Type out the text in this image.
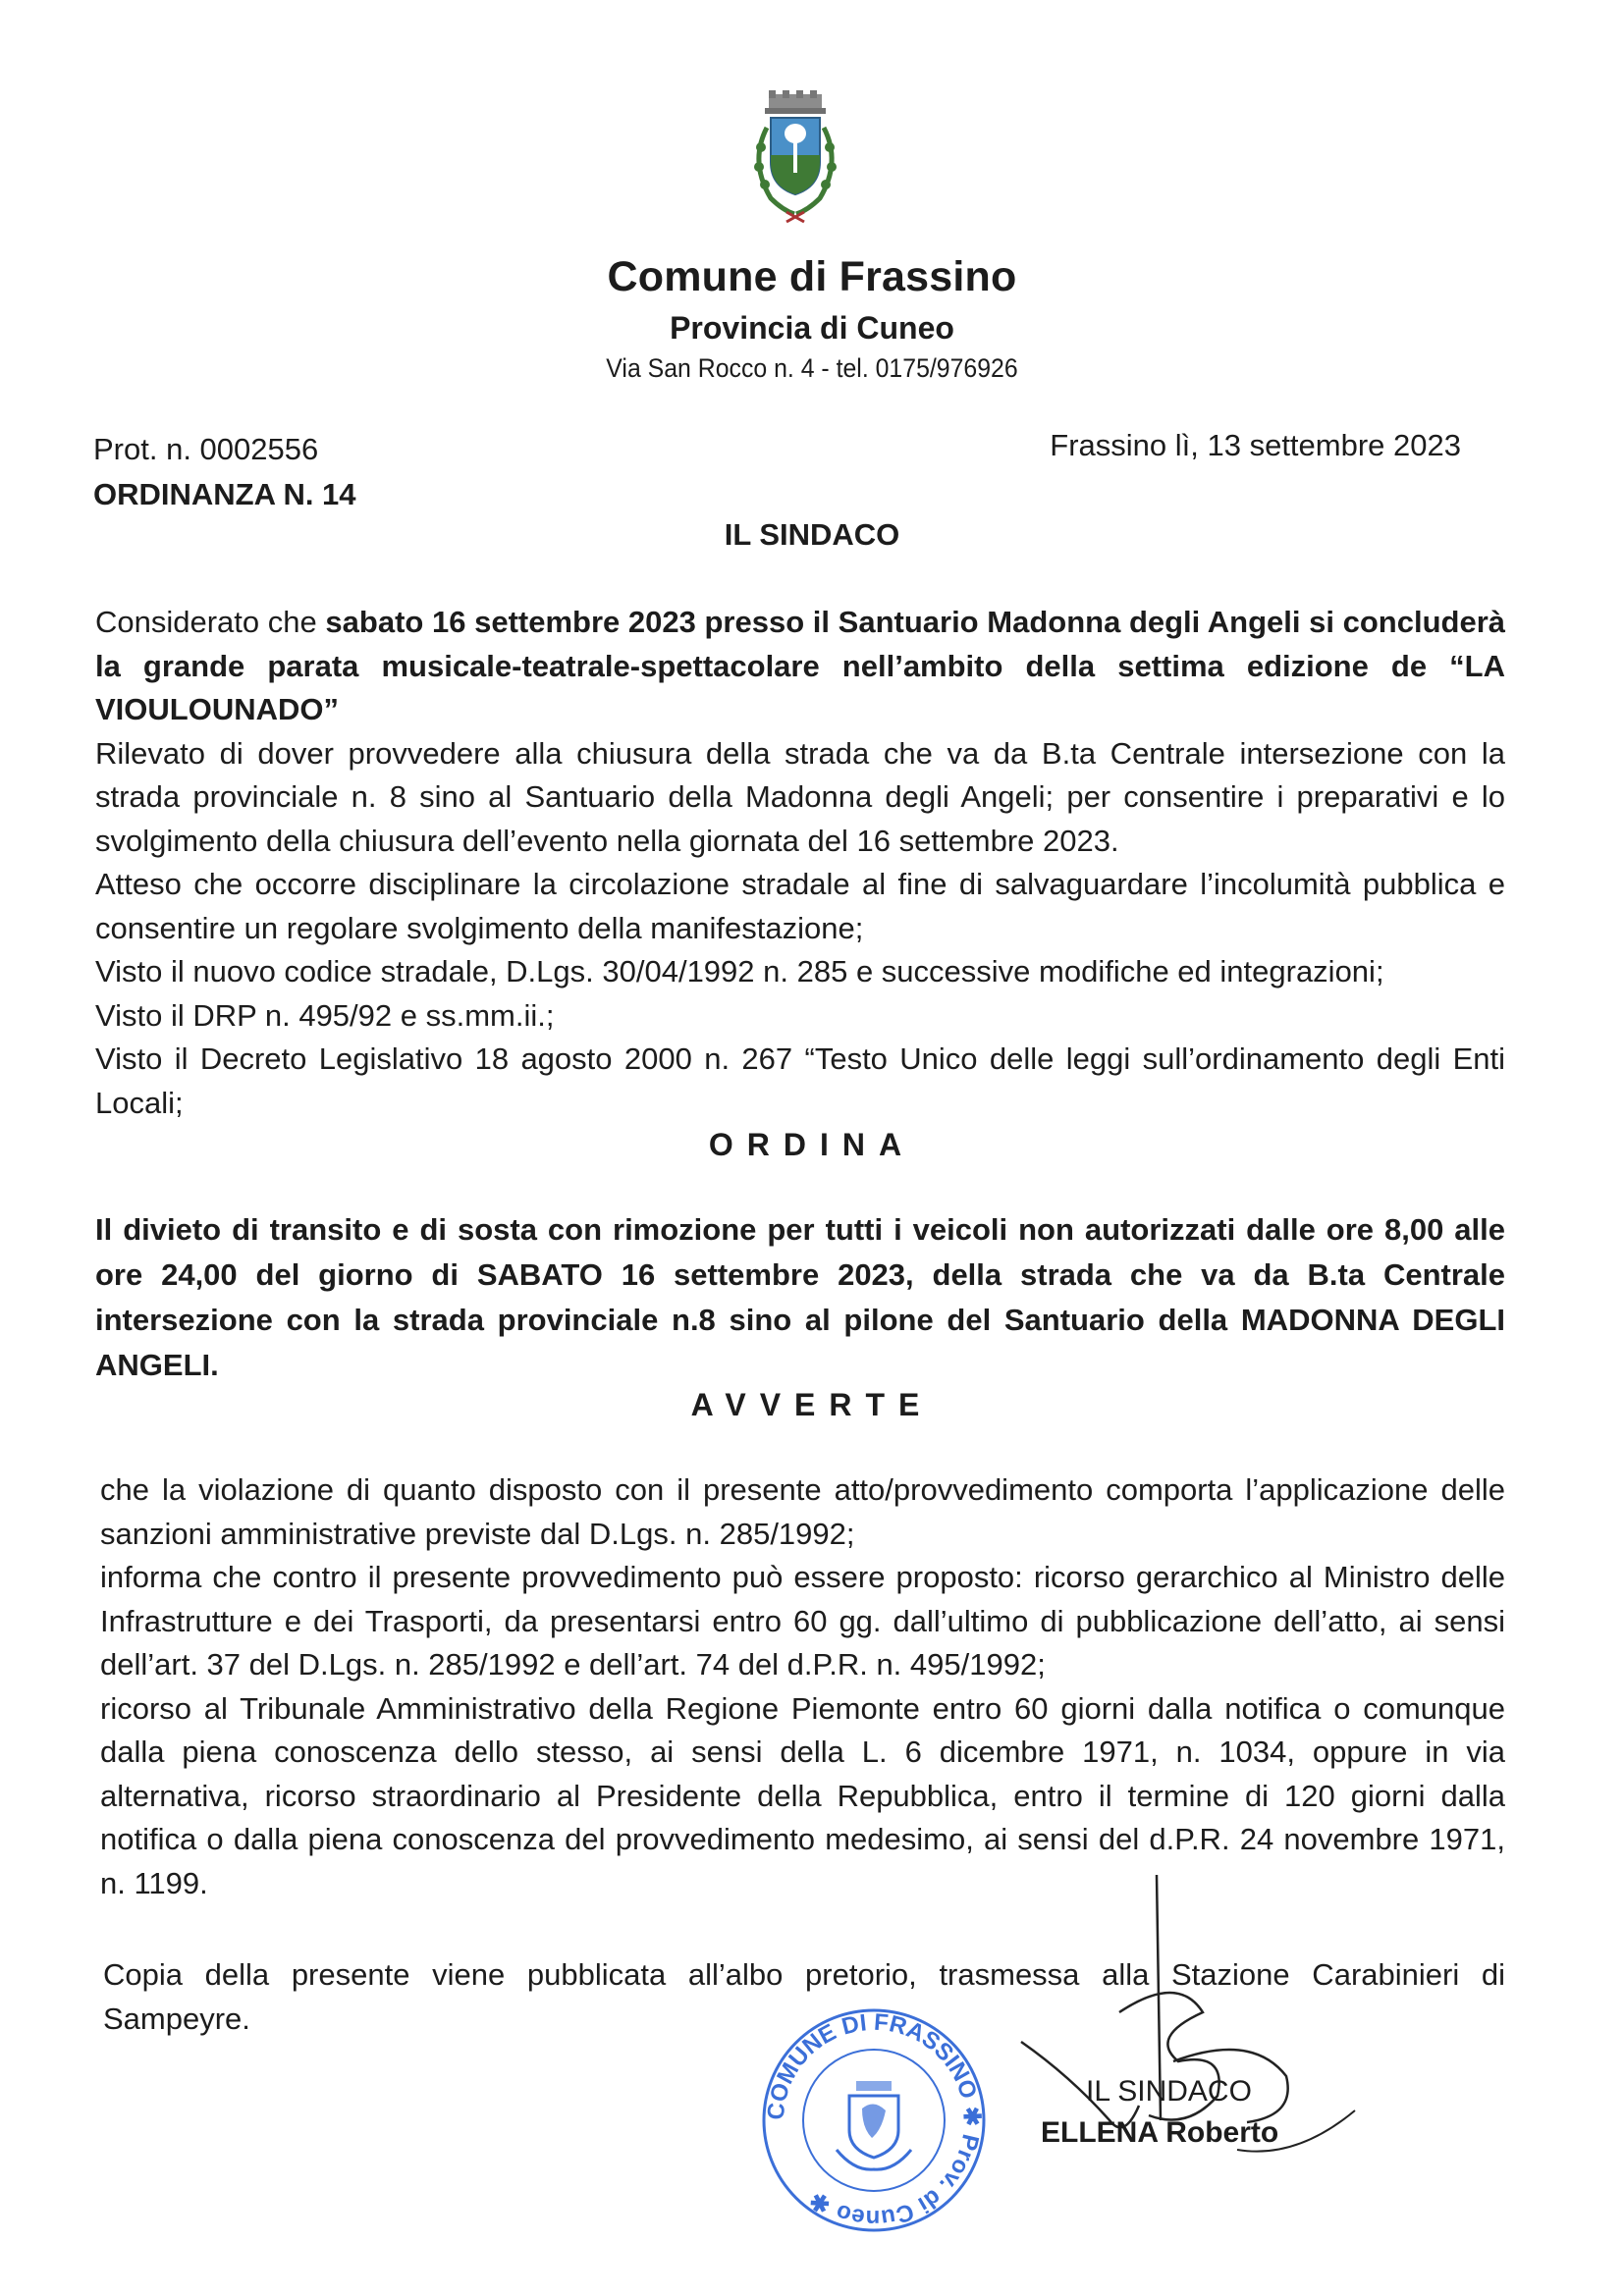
Comune di Frassino
Provincia di Cuneo
Via San Rocco n. 4 - tel. 0175/976926
Prot. n. 0002556
ORDINANZA N. 14
Frassino lì, 13 settembre 2023
IL SINDACO

Considerato che sabato 16 settembre 2023 presso il Santuario Madonna degli Angeli si concluderà la grande parata musicale-teatrale-spettacolare nell’ambito della settima edizione de “LA VIOULOUNADO”

Rilevato di dover provvedere alla chiusura della strada che va da B.ta Centrale intersezione con la strada provinciale n. 8 sino al Santuario della Madonna degli Angeli; per consentire i preparativi e lo svolgimento della chiusura dell’evento nella giornata del 16 settembre 2023.

Atteso che occorre disciplinare la circolazione stradale al fine di salvaguardare l’incolumità pubblica e consentire un regolare svolgimento della manifestazione;

Visto il nuovo codice stradale, D.Lgs. 30/04/1992 n. 285 e successive modifiche ed integrazioni;

Visto il DRP n. 495/92 e ss.mm.ii.;

Visto il Decreto Legislativo 18 agosto 2000 n. 267 “Testo Unico delle leggi sull’ordinamento degli Enti Locali;

ORDINA

Il divieto di transito e di sosta con rimozione per tutti i veicoli non autorizzati dalle ore 8,00 alle ore 24,00 del giorno di SABATO 16 settembre 2023, della strada che va da B.ta Centrale intersezione con la strada provinciale n.8 sino al pilone del Santuario della MADONNA DEGLI ANGELI.

AVVERTE

che la violazione di quanto disposto con il presente atto/provvedimento comporta l’applicazione delle sanzioni amministrative previste dal D.Lgs. n. 285/1992;

informa che contro il presente provvedimento può essere proposto: ricorso gerarchico al Ministro delle Infrastrutture e dei Trasporti, da presentarsi entro 60 gg. dall’ultimo di pubblicazione dell’atto, ai sensi dell’art. 37 del D.Lgs. n. 285/1992 e dell’art. 74 del d.P.R. n. 495/1992;

ricorso al Tribunale Amministrativo della Regione Piemonte entro 60 giorni dalla notifica o comunque dalla piena conoscenza dello stesso, ai sensi della L. 6 dicembre 1971, n. 1034, oppure in via alternativa, ricorso straordinario al Presidente della Repubblica, entro il termine di 120 giorni dalla notifica o dalla piena conoscenza del provvedimento medesimo, ai sensi del d.P.R. 24 novembre 1971, n. 1199.

Copia della presente viene pubblicata all’albo pretorio, trasmessa alla Stazione Carabinieri di Sampeyre.

COMUNE DI FRASSINO ✱ Prov. di Cuneo ✱
IL SINDACO
ELLENA Roberto
